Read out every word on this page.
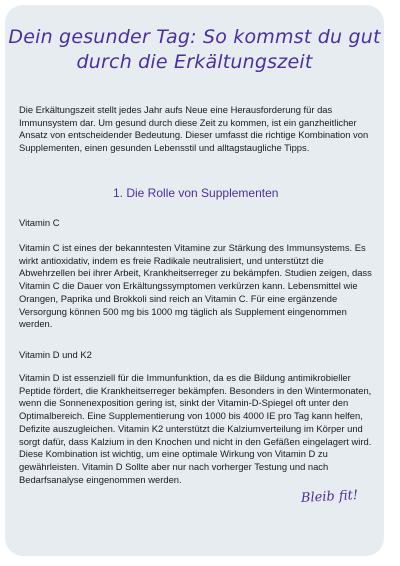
Dein gesunder Tag: So kommst du gut durch die Erkältungszeit

Die Erkältungszeit stellt jedes Jahr aufs Neue eine Herausforderung für das Immunsystem dar. Um gesund durch diese Zeit zu kommen, ist ein ganzheitlicher Ansatz von entscheidender Bedeutung. Dieser umfasst die richtige Kombination von Supplementen, einen gesunden Lebensstil und alltagstaugliche Tipps.

1. Die Rolle von Supplementen

Vitamin C

Vitamin C ist eines der bekanntesten Vitamine zur Stärkung des Immunsystems. Es wirkt antioxidativ, indem es freie Radikale neutralisiert, und unterstützt die Abwehrzellen bei ihrer Arbeit, Krankheitserreger zu bekämpfen. Studien zeigen, dass Vitamin C die Dauer von Erkältungssymptomen verkürzen kann. Lebensmittel wie Orangen, Paprika und Brokkoli sind reich an Vitamin C. Für eine ergänzende Versorgung können 500 mg bis 1000 mg täglich als Supplement eingenommen werden.

Vitamin D und K2

Vitamin D ist essenziell für die Immunfunktion, da es die Bildung antimikrobieller Peptide fördert, die Krankheitserreger bekämpfen. Besonders in den Wintermonaten, wenn die Sonnenexposition gering ist, sinkt der Vitamin-D-Spiegel oft unter den Optimalbereich. Eine Supplementierung von 1000 bis 4000 IE pro Tag kann helfen, Defizite auszugleichen. Vitamin K2 unterstützt die Kalziumverteilung im Körper und sorgt dafür, dass Kalzium in den Knochen und nicht in den Gefäßen eingelagert wird. Diese Kombination ist wichtig, um eine optimale Wirkung von Vitamin D zu gewährleisten. Vitamin D Sollte aber nur nach vorherger Testung und nach Bedarfsanalyse eingenommen werden.

Bleib fit!
